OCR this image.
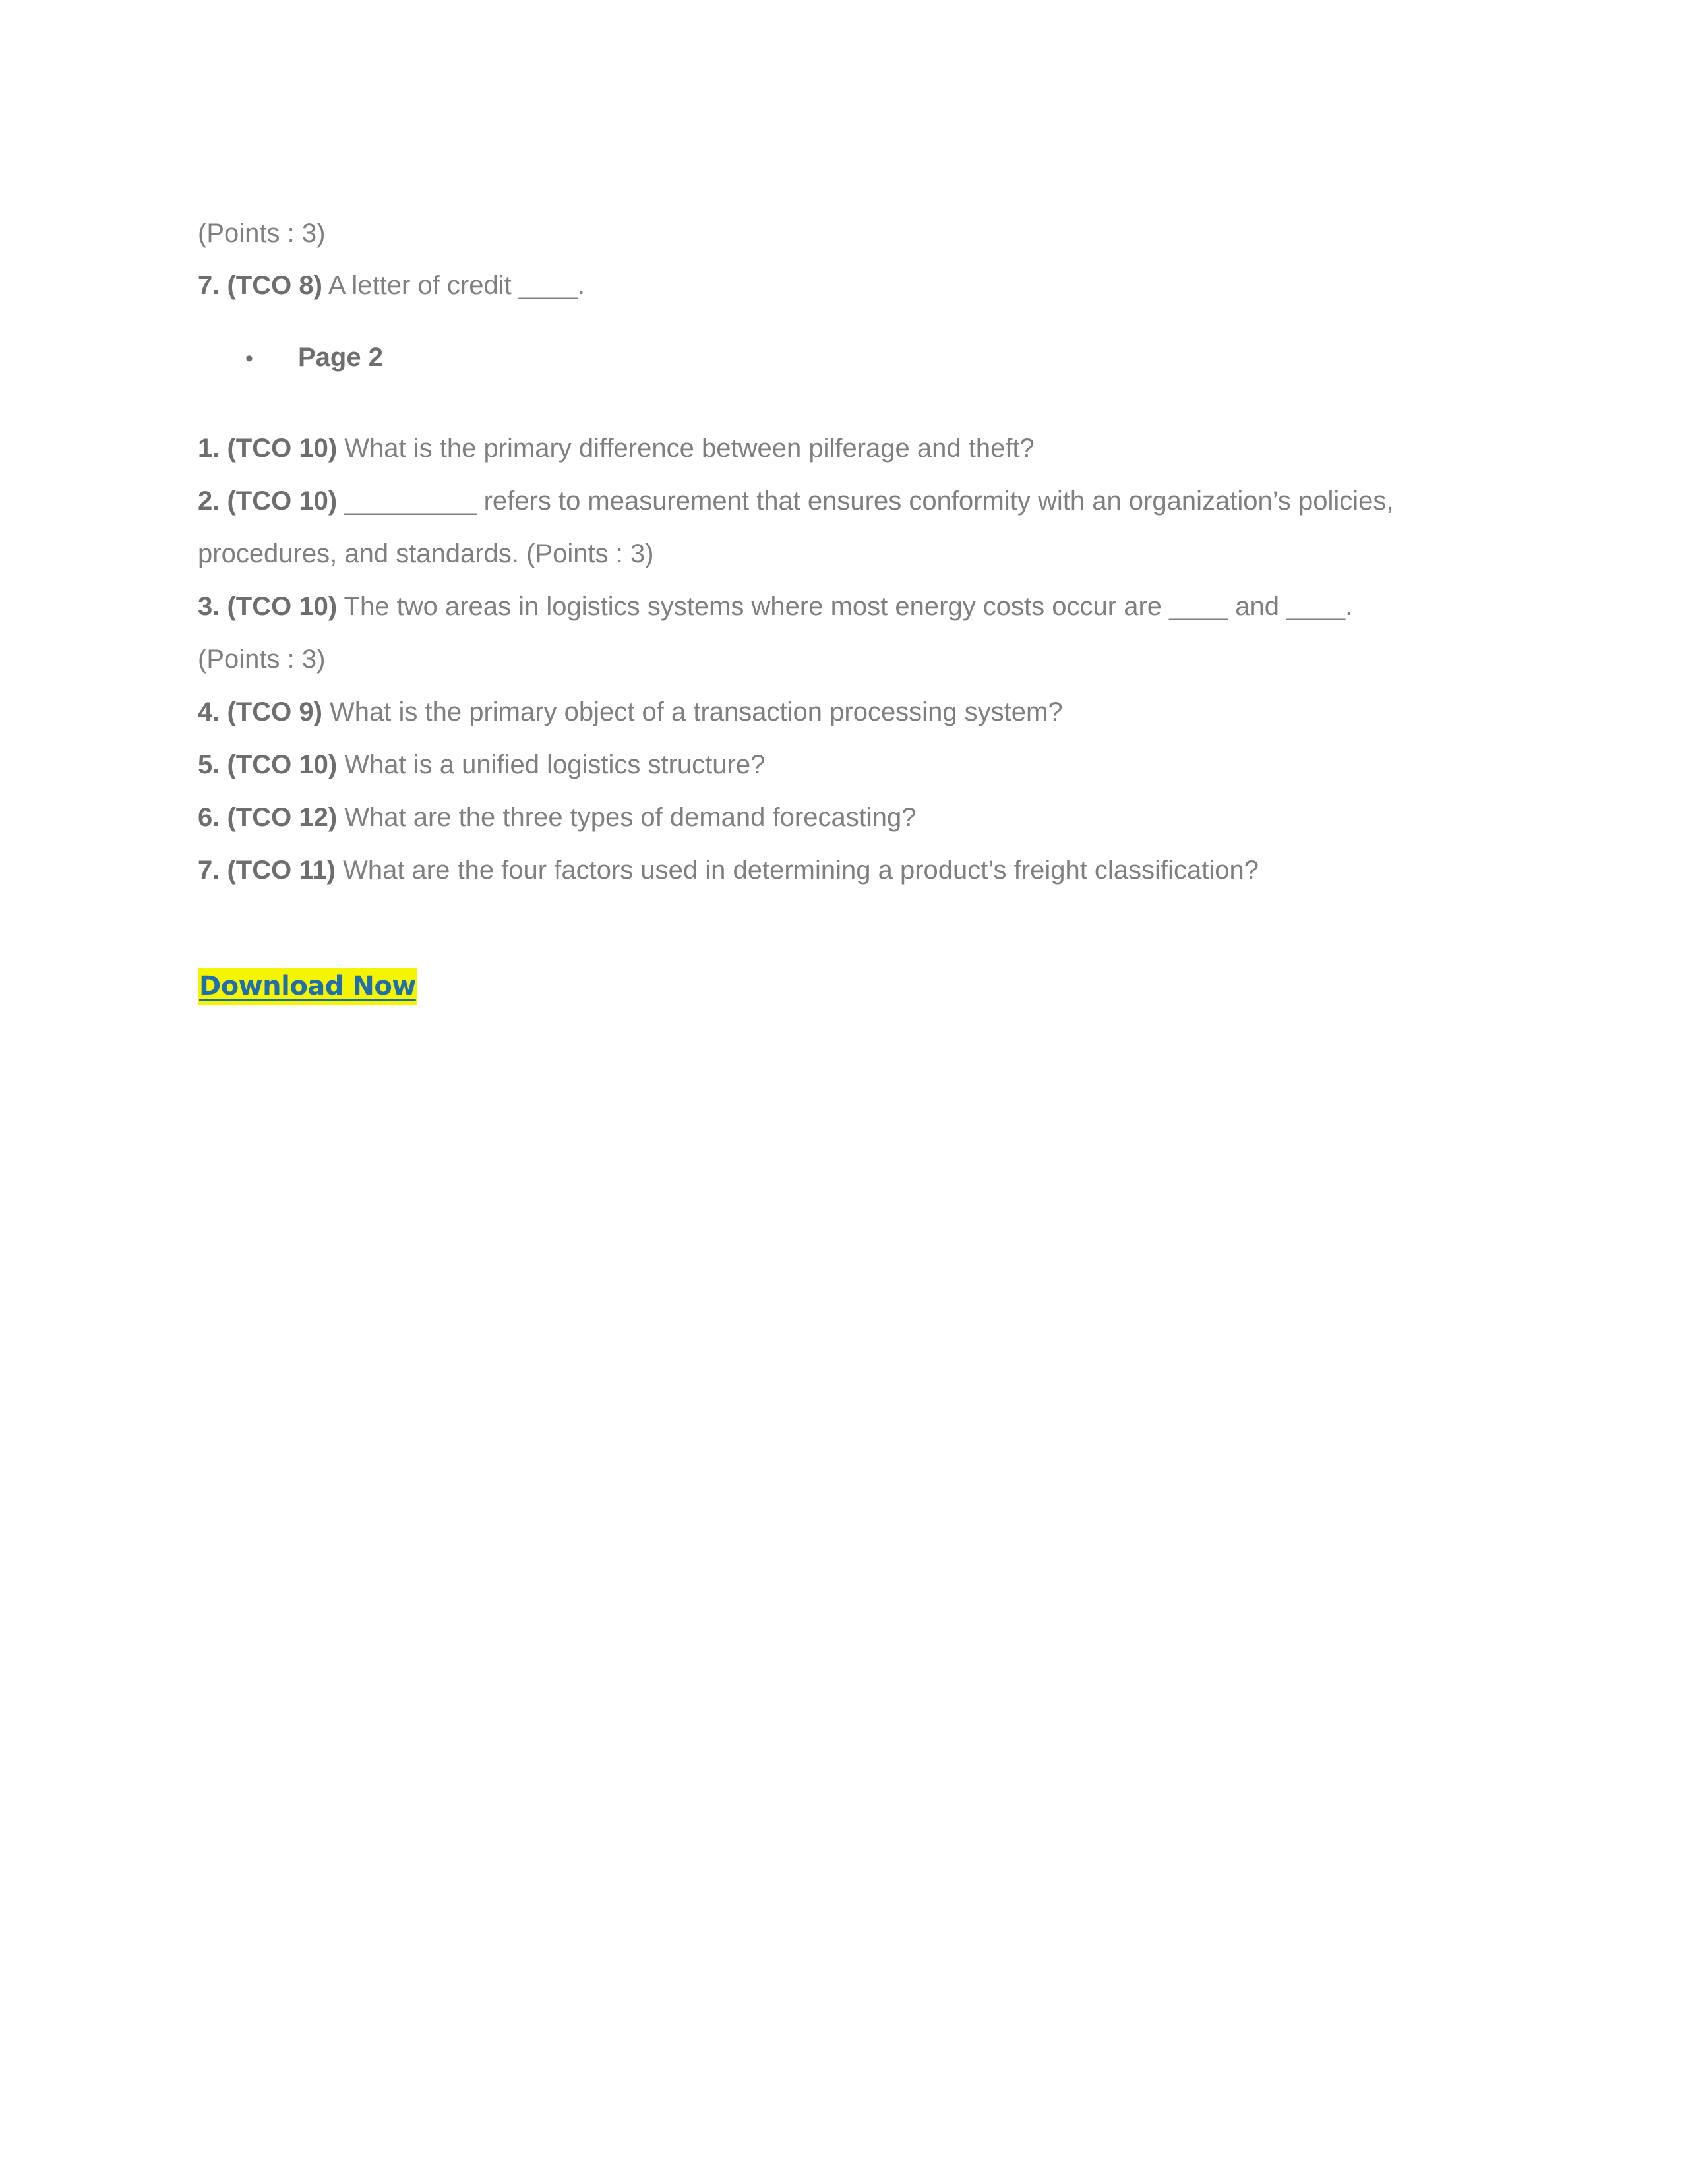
(Points : 3)
7. (TCO 8) A letter of credit ____.
• Page 2
1. (TCO 10) What is the primary difference between pilferage and theft?
2. (TCO 10) _________ refers to measurement that ensures conformity with an organization’s policies,
procedures, and standards. (Points : 3)
3. (TCO 10) The two areas in logistics systems where most energy costs occur are ____ and ____.
(Points : 3)
4. (TCO 9) What is the primary object of a transaction processing system?
5. (TCO 10) What is a unified logistics structure?
6. (TCO 12) What are the three types of demand forecasting?
7. (TCO 11) What are the four factors used in determining a product’s freight classification?
Download Now
